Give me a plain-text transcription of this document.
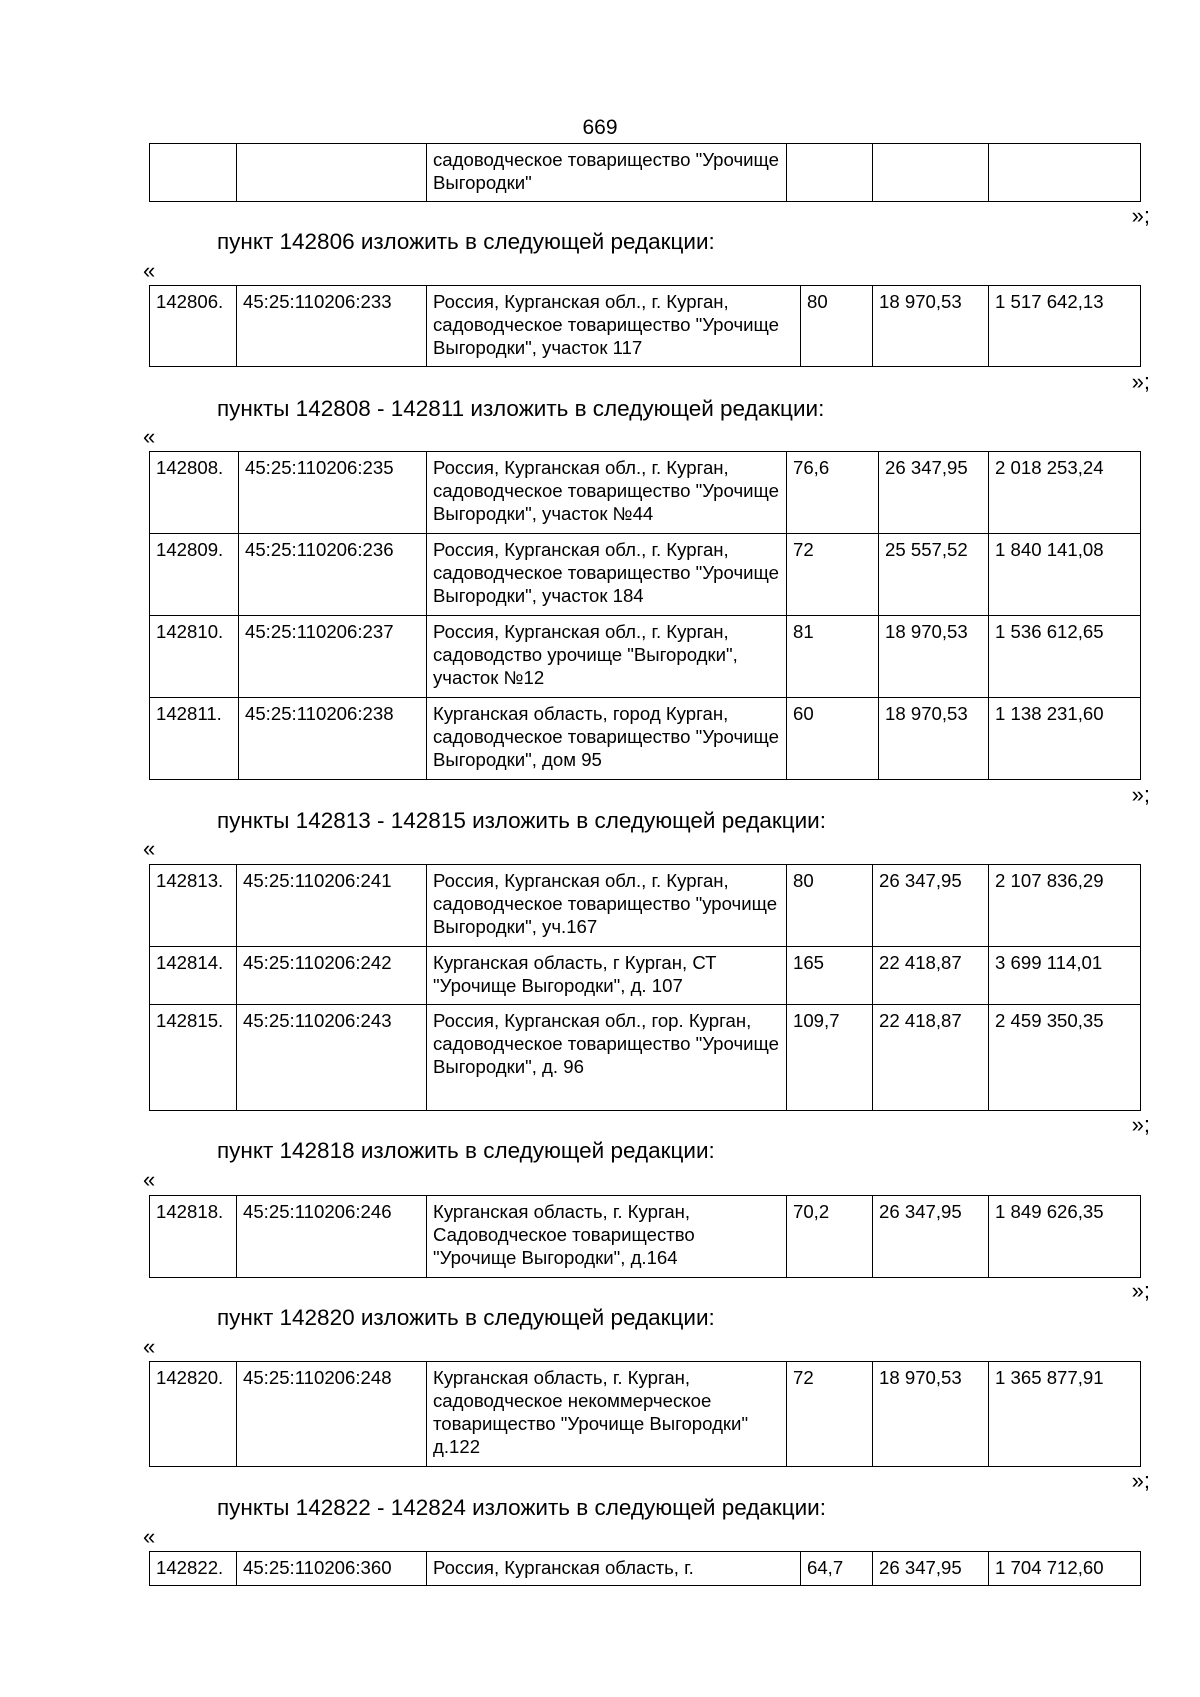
669
		садоводческое товарищество "Урочище Выгородки"			
»;
пункт 142806 изложить в следующей редакции:
«
142806.	45:25:110206:233	Россия, Курганская обл., г. Курган, садоводческое товарищество "Урочище Выгородки", участок 117	80	18 970,53	1 517 642,13
»;
пункты 142808 - 142811 изложить в следующей редакции:
«
142808.	45:25:110206:235	Россия, Курганская обл., г. Курган, садоводческое товарищество "Урочище Выгородки", участок №44	76,6	26 347,95	2 018 253,24
142809.	45:25:110206:236	Россия, Курганская обл., г. Курган, садоводческое товарищество "Урочище Выгородки", участок 184	72	25 557,52	1 840 141,08
142810.	45:25:110206:237	Россия, Курганская обл., г. Курган, садоводство урочище "Выгородки", участок №12	81	18 970,53	1 536 612,65
142811.	45:25:110206:238	Курганская область, город Курган, садоводческое товарищество "Урочище Выгородки", дом 95	60	18 970,53	1 138 231,60
»;
пункты 142813 - 142815 изложить в следующей редакции:
«
142813.	45:25:110206:241	Россия, Курганская обл., г. Курган, садоводческое товарищество "урочище Выгородки", уч.167	80	26 347,95	2 107 836,29
142814.	45:25:110206:242	Курганская область, г Курган, СТ "Урочище Выгородки", д. 107	165	22 418,87	3 699 114,01
142815.	45:25:110206:243	Россия, Курганская обл., гор. Курган, садоводческое товарищество "Урочище Выгородки", д. 96	109,7	22 418,87	2 459 350,35
»;
пункт 142818 изложить в следующей редакции:
«
142818.	45:25:110206:246	Курганская область, г. Курган, Садоводческое товарищество "Урочище Выгородки", д.164	70,2	26 347,95	1 849 626,35
»;
пункт 142820 изложить в следующей редакции:
«
142820.	45:25:110206:248	Курганская область, г. Курган, садоводческое некоммерческое товарищество "Урочище Выгородки" д.122	72	18 970,53	1 365 877,91
»;
пункты 142822 - 142824 изложить в следующей редакции:
«
142822.	45:25:110206:360	Россия, Курганская область, г.	64,7	26 347,95	1 704 712,60
